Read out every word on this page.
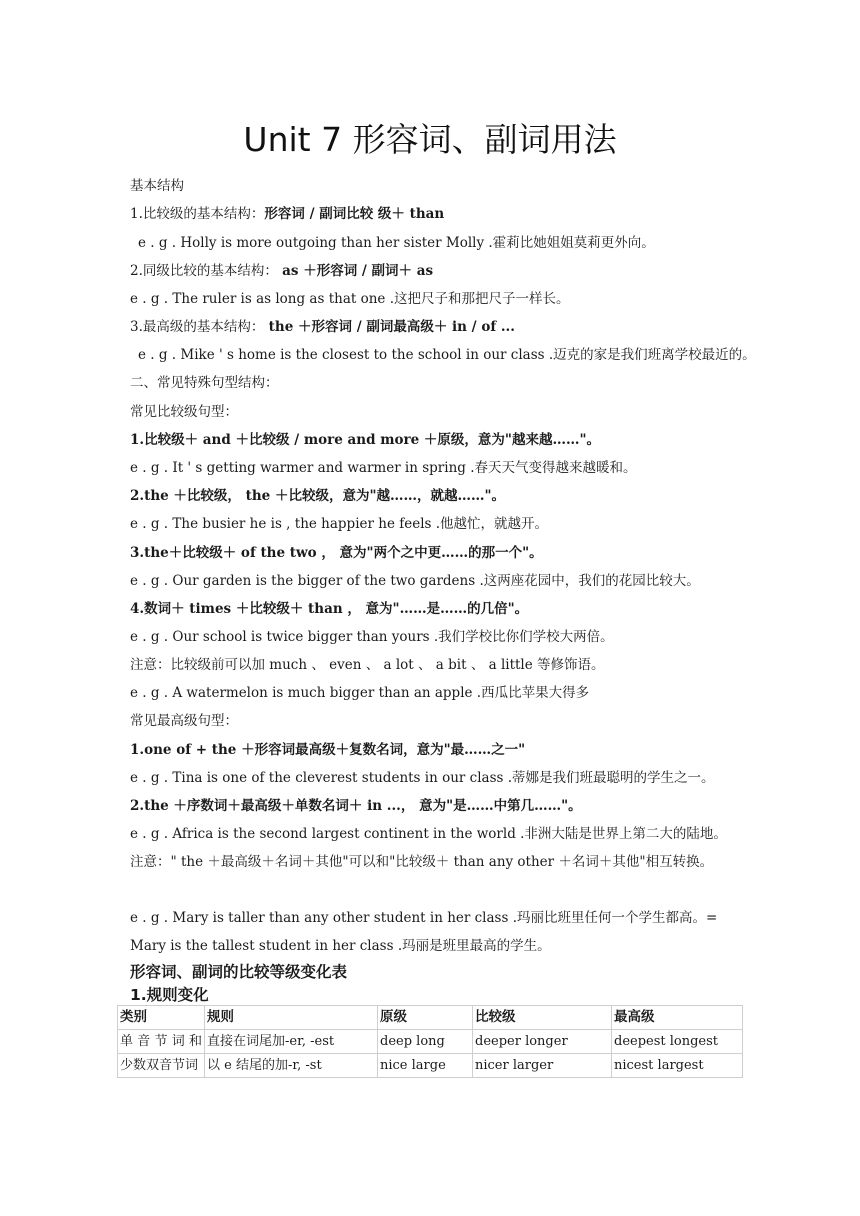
Unit 7 形容词、副词用法
基本结构
1.比较级的基本结构：形容词 / 副词比较 级＋ than
e . g . Holly is more outgoing than her sister Molly .霍莉比她姐姐莫莉更外向。
2.同级比较的基本结构： as ＋形容词 / 副词＋ as
e . g . The ruler is as long as that one .这把尺子和那把尺子一样长。
3.最高级的基本结构： the ＋形容词 / 副词最高级＋ in / of ...
e . g . Mike ' s home is the closest to the school in our class .迈克的家是我们班离学校最近的。
二、常见特殊句型结构：
常见比较级句型：
1.比较级＋ and ＋比较级 / more and more ＋原级，意为"越来越……"。
e . g . It ' s getting warmer and warmer in spring .春天天气变得越来越暖和。
2.the ＋比较级， the ＋比较级，意为"越……，就越……"。
e . g . The busier he is , the happier he feels .他越忙，就越开。
3.the＋比较级＋ of the two ， 意为"两个之中更……的那一个"。
e . g . Our garden is the bigger of the two gardens .这两座花园中，我们的花园比较大。
4.数词＋ times ＋比较级＋ than ， 意为"……是……的几倍"。
e . g . Our school is twice bigger than yours .我们学校比你们学校大两倍。
注意：比较级前可以加 much 、 even 、 a lot 、 a bit 、 a little 等修饰语。
e . g . A watermelon is much bigger than an apple .西瓜比苹果大得多
常见最高级句型：
1.one of + the ＋形容词最高级＋复数名词，意为"最……之一"
e . g . Tina is one of the cleverest students in our class .蒂娜是我们班最聪明的学生之一。
2.the ＋序数词＋最高级＋单数名词＋ in ...， 意为"是……中第几……"。
e . g . Africa is the second largest continent in the world .非洲大陆是世界上第二大的陆地。
注意：" the ＋最高级＋名词＋其他"可以和"比较级＋ than any other ＋名词＋其他"相互转换。
e . g . Mary is taller than any other student in her class .玛丽比班里任何一个学生都高。= Mary is the tallest student in her class .玛丽是班里最高的学生。
形容词、副词的比较等级变化表
1.规则变化
类别	规则	原级	比较级	最高级
单音节词和	直接在词尾加-er, -est	deep long	deeper longer	deepest longest
少数双音节词	以 e 结尾的加-r, -st	nice large	nicer larger	nicest largest
